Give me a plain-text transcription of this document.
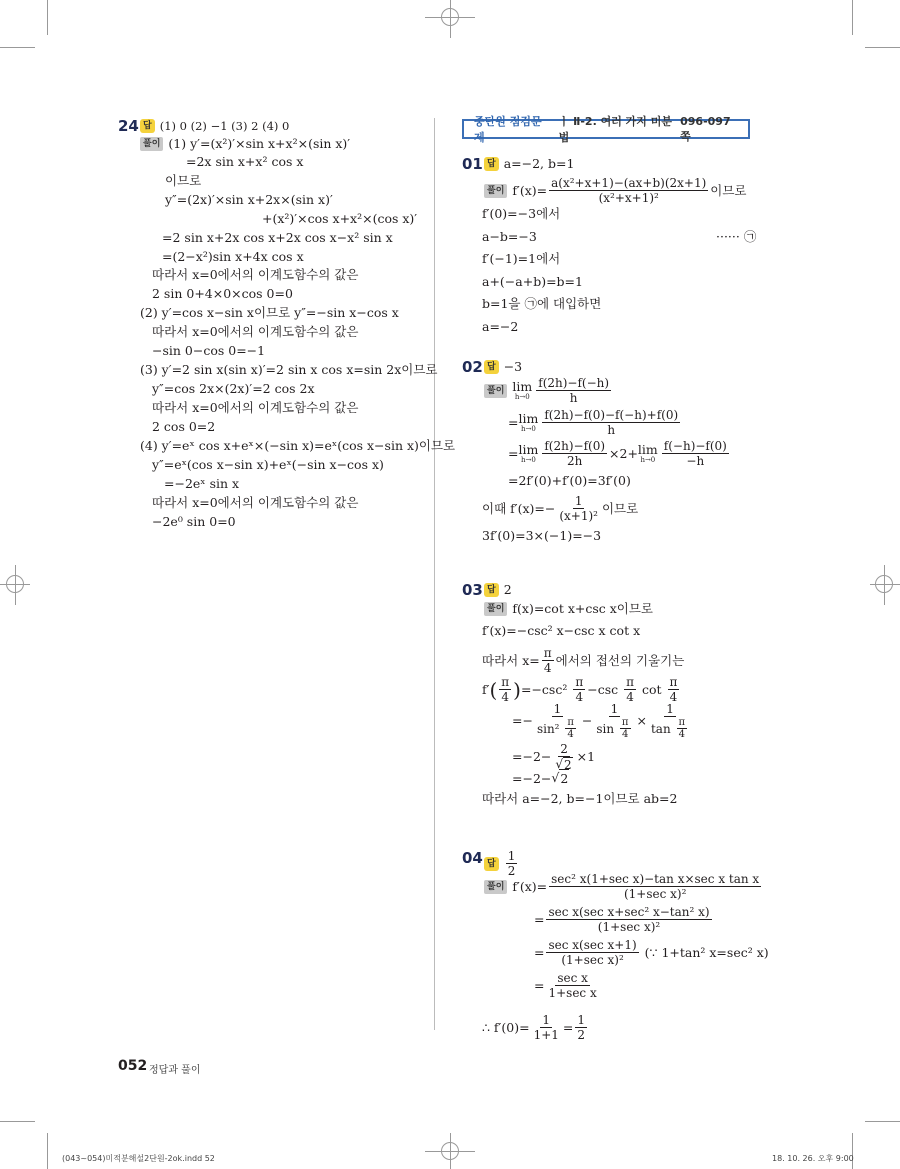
24 답 (1) 0 (2) −1 (3) 2 (4) 0
풀이 (1) y′=(x²)′×sin x+x²×(sin x)′
=2x sin x+x² cos x
이므로
y″=(2x)′×sin x+2x×(sin x)′
+(x²)′×cos x+x²×(cos x)′
=2 sin x+2x cos x+2x cos x−x² sin x
=(2−x²)sin x+4x cos x
따라서 x=0에서의 이계도함수의 값은
2 sin 0+4×0×cos 0=0
(2) y′=cos x−sin x이므로 y″=−sin x−cos x
따라서 x=0에서의 이계도함수의 값은
−sin 0−cos 0=−1
(3) y′=2 sin x(sin x)′=2 sin x cos x=sin 2x이므로
y″=cos 2x×(2x)′=2 cos 2x
따라서 x=0에서의 이계도함수의 값은
2 cos 0=2
(4) y′=eˣ cos x+eˣ×(−sin x)=eˣ(cos x−sin x)이므로
y″=eˣ(cos x−sin x)+eˣ(−sin x−cos x)
=−2eˣ sin x
따라서 x=0에서의 이계도함수의 값은
−2e⁰ sin 0=0
중단원 점검문제
ㅣ Ⅱ-2. 여러 가지 미분법
096-097쪽
01 답 a=−2, b=1
풀이 $f'(x)= \frac{\text{a(x²+x+1)−(ax+b)(2x+1)}}{\text{(x²+x+1)²}}$ 이므로
f′(0)=−3에서
a−b=−3	······ ㉠
f′(−1)=1에서
a+(−a+b)=b=1
b=1을 ㉠에 대입하면
a=−2
02 답 −3
풀이 lim
$h\to 0 \frac{f(2h)-f(-h)}{h}$
= lim
$h\to 0 \frac{f(2h)-f(0)-f(-h)+f(0)}{h}$
= lim
$h\to 0 \frac{f(2h)-f(0)}{2h} \times 2+ \lim$
$h\to 0 \frac{f(-h)-f(0)}{-h}$
=2f′(0)+f′(0)=3f′(0)
이때 $f'(x)=- \frac{1}{\text{(x+1)²}}$ 이므로
3f′(0)=3×(−1)=−3
03 답 2
풀이 f(x)=cot x+csc x이므로
f′(x)=−csc² x−csc x cot x
따라서 $x= \frac{\pi}{4}$ 에서의 접선의 기울기는
f′ ( $\frac{\pi}{4}$ ) $=-\csc^2 \frac{\pi}{4} -\csc \frac{\pi}{4}$ $\cot \frac{\pi}{4}$
=− $\frac{1}{\sin^2 \frac{\pi}{4}} - \frac{1}{\sin \frac{\pi}{4}} \times \frac{1}{\tan \frac{\pi}{4}}$
$=-2- \frac{2}{√ 2} \times 1$
=−2− √ 2
따라서 a=−2, b=−1이므로 ab=2
04 답 $\frac{1}{2}$
풀이 $f'(x)= \frac{\text{sec² x(1+sec x)−tan x×sec x tan x}}{\text{(1+sec x)²}}$
= $\frac{\text{sec x(sec x+sec² x−tan² x)}}{\text{(1+sec x)²}}$
= $\frac{\text{sec x(sec x+1)}}{\text{(1+sec x)²}}$ (∵ 1+tan² x=sec² x)
= $\frac{\text{sec x}}{\text{1+sec x}}$
∴ $f'(0)= \frac{1}{1+1} = \frac{1}{2}$
052 정답과 풀이
(043~054)미적분해설2단원-2ok.indd 52	18. 10. 26. 오후 9:00
